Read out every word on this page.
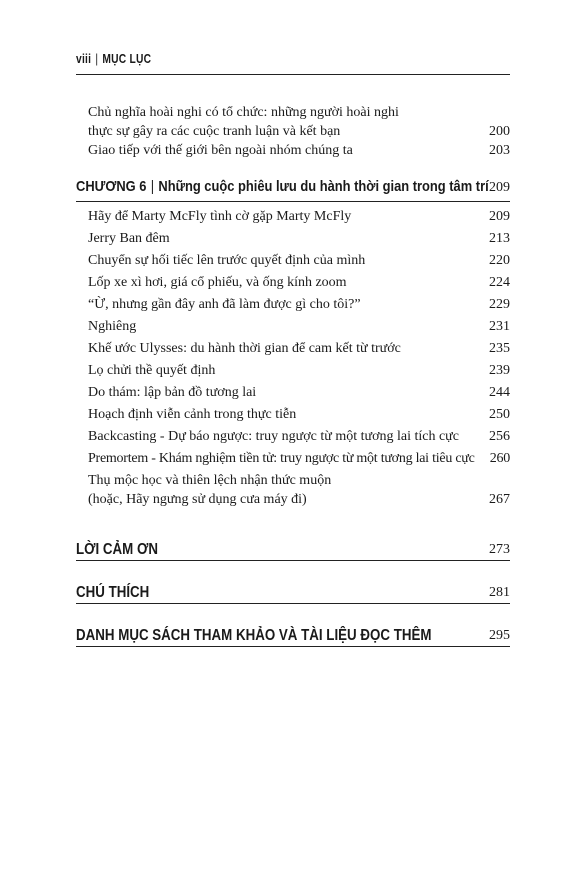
viii | MỤC LỤC
Chủ nghĩa hoài nghi có tổ chức: những người hoài nghi
thực sự gây ra các cuộc tranh luận và kết bạn	200
Giao tiếp với thế giới bên ngoài nhóm chúng ta	203
CHƯƠNG 6 | Những cuộc phiêu lưu du hành thời gian trong tâm trí 209
Hãy để Marty McFly tình cờ gặp Marty McFly	209
Jerry Ban đêm	213
Chuyển sự hối tiếc lên trước quyết định của mình	220
Lốp xe xì hơi, giá cổ phiếu, và ống kính zoom	224
“Ừ, nhưng gần đây anh đã làm được gì cho tôi?”	229
Nghiêng	231
Khế ước Ulysses: du hành thời gian để cam kết từ trước	235
Lọ chửi thề quyết định	239
Do thám: lập bản đồ tương lai	244
Hoạch định viễn cảnh trong thực tiễn	250
Backcasting - Dự báo ngược: truy ngược từ một tương lai tích cực	256
Premortem - Khám nghiệm tiền tử: truy ngược từ một tương lai tiêu cực	260
Thụ mộc học và thiên lệch nhận thức muộn
(hoặc, Hãy ngưng sử dụng cưa máy đi)	267
LỜI CẢM ƠN	273
CHÚ THÍCH	281
DANH MỤC SÁCH THAM KHẢO VÀ TÀI LIỆU ĐỌC THÊM	295
